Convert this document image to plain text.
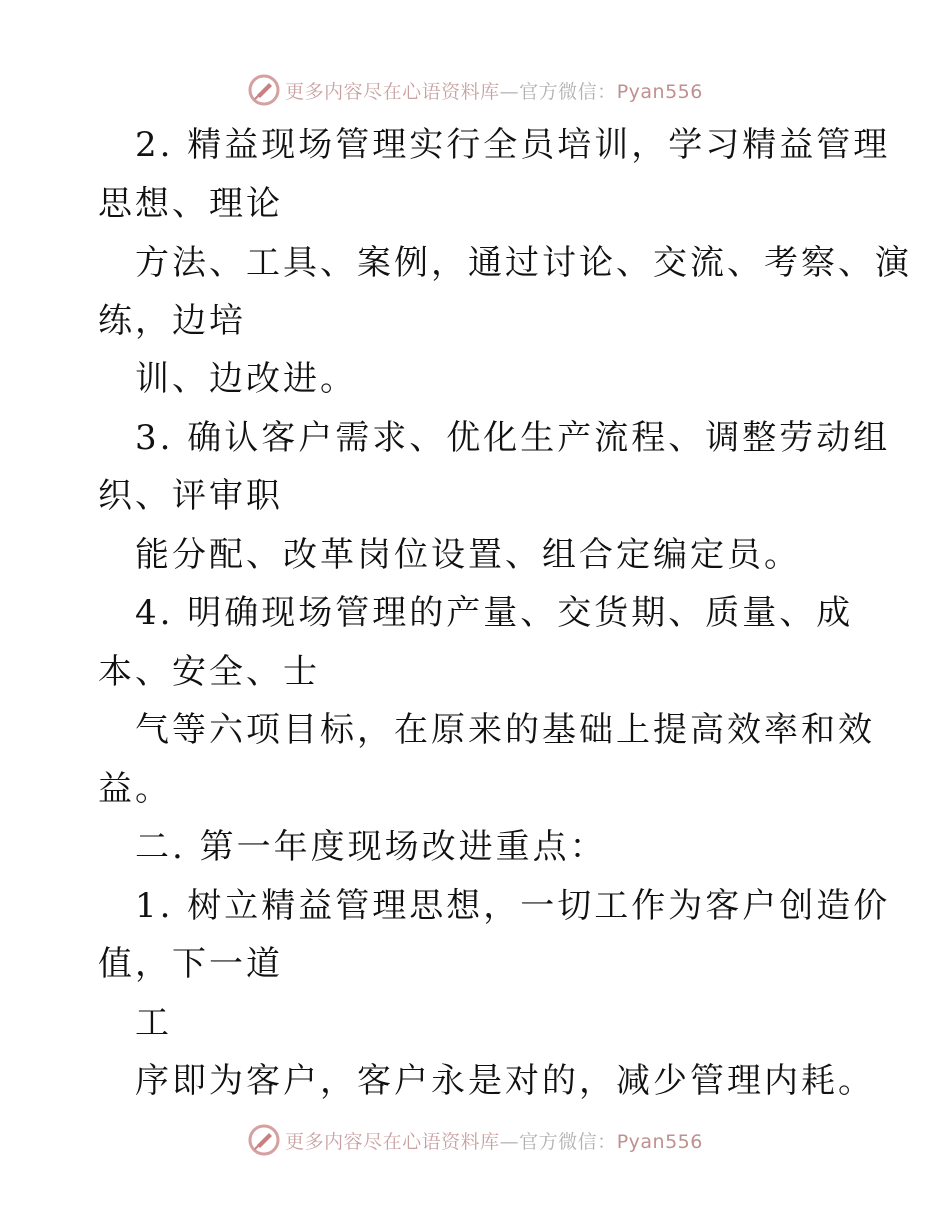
更多内容尽在心语资料库—官方微信：Pyan556
2. 精益现场管理实行全员培训，学习精益管理
思想、理论
方法、工具、案例，通过讨论、交流、考察、演
练，边培
训、边改进。
3. 确认客户需求、优化生产流程、调整劳动组
织、评审职
能分配、改革岗位设置、组合定编定员。
4. 明确现场管理的产量、交货期、质量、成
本、安全、士
气等六项目标，在原来的基础上提高效率和效
益。
二. 第一年度现场改进重点：
1. 树立精益管理思想，一切工作为客户创造价
值，下一道
工
序即为客户，客户永是对的，减少管理内耗。
更多内容尽在心语资料库—官方微信：Pyan556
